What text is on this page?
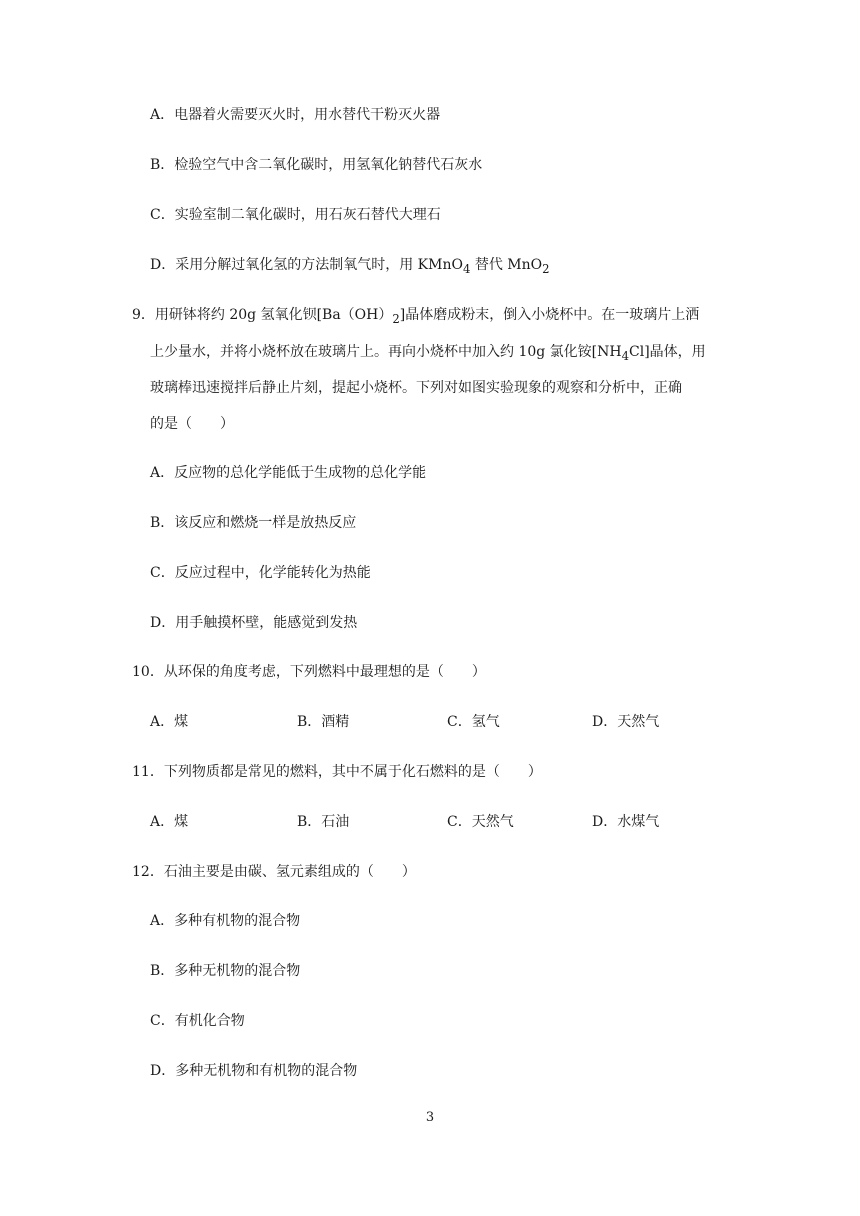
A．电器着火需要灭火时，用水替代干粉灭火器
B．检验空气中含二氧化碳时，用氢氧化钠替代石灰水
C．实验室制二氧化碳时，用石灰石替代大理石
D．采用分解过氧化氢的方法制氧气时，用 KMnO$_4$ 替代 MnO$_2$
9．用研钵将约 20g 氢氧化钡$[Ba(OH)_2]$晶体磨成粉末，倒入小烧杯中。在一玻璃片上洒
上少量水，并将小烧杯放在玻璃片上。再向小烧杯中加入约 10g 氯化铵$[NH_4Cl]$晶体，用
玻璃棒迅速搅拌后静止片刻，提起小烧杯。下列对如图实验现象的观察和分析中，正确
的是（　　）
A．反应物的总化学能低于生成物的总化学能
B．该反应和燃烧一样是放热反应
C．反应过程中，化学能转化为热能
D．用手触摸杯壁，能感觉到发热
10．从环保的角度考虑，下列燃料中最理想的是（　　）
A．煤	B．酒精	C．氢气	D．天然气
11．下列物质都是常见的燃料，其中不属于化石燃料的是（　　）
A．煤	B．石油	C．天然气	D．水煤气
12．石油主要是由碳、氢元素组成的（　　）
A．多种有机物的混合物
B．多种无机物的混合物
C．有机化合物
D．多种无机物和有机物的混合物
3
